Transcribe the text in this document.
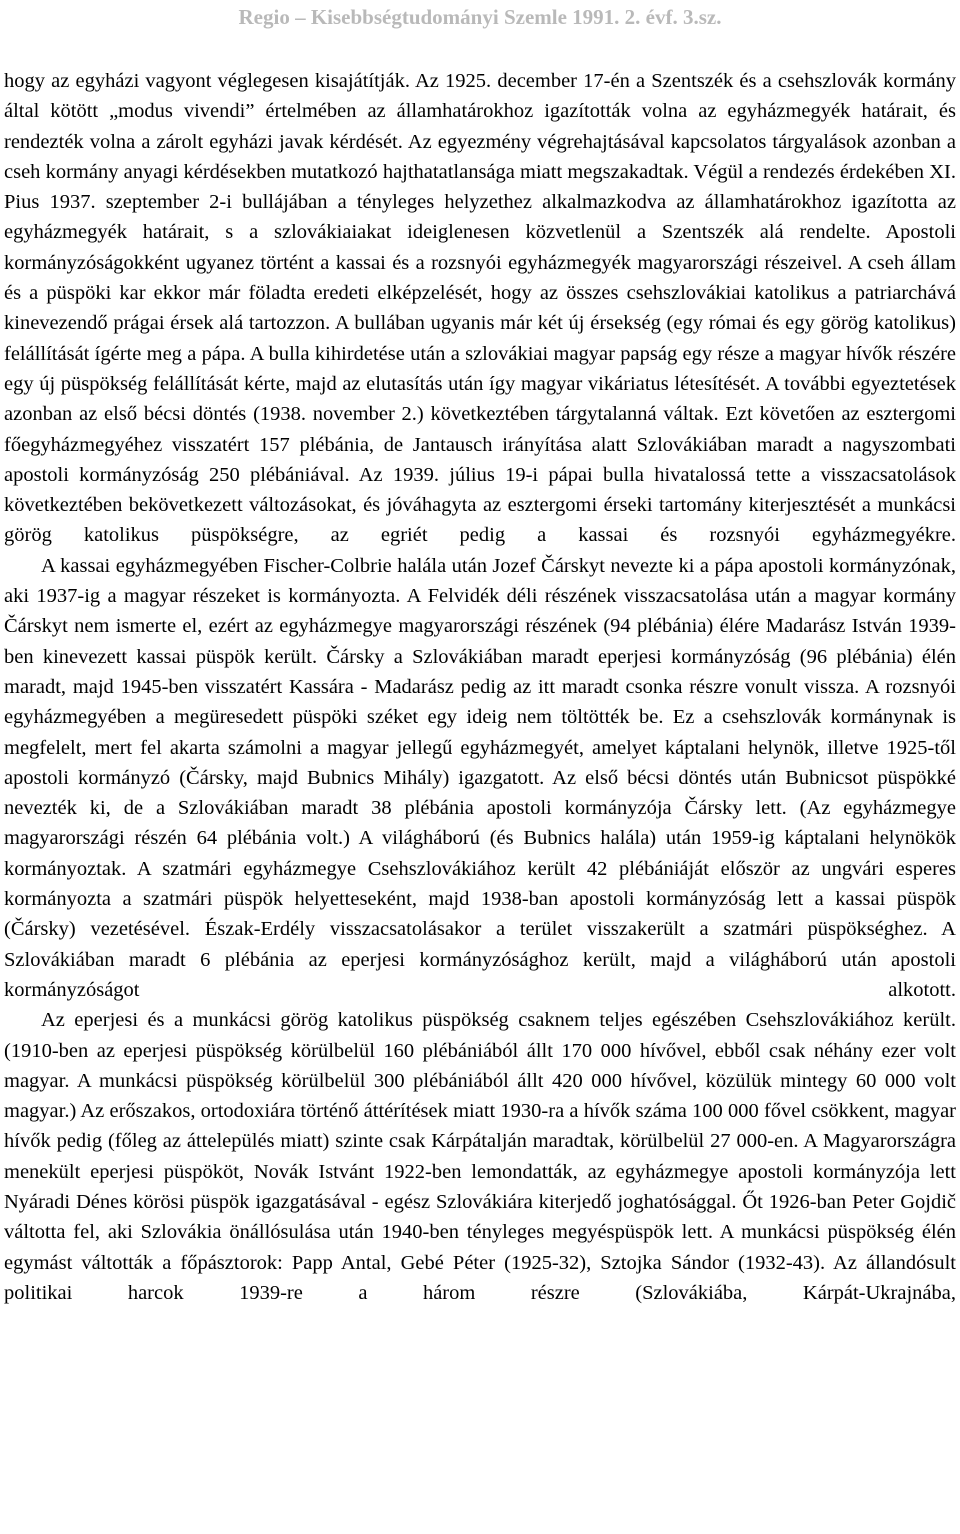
Regio – Kisebbségtudományi Szemle 1991. 2. évf. 3.sz.

hogy az egyházi vagyont véglegesen kisajátítják. Az 1925. december 17-én a Szentszék és a csehszlovák kormány által kötött „modus vivendi” értelmében az államhatárokhoz igazították volna az egyházmegyék határait, és rendezték volna a zárolt egyházi javak kérdését. Az egyezmény végrehajtásával kapcsolatos tárgyalások azonban a cseh kormány anyagi kérdésekben mutatkozó hajthatatlansága miatt megszakadtak. Végül a rendezés érdekében XI. Pius 1937. szeptember 2-i bullájában a tényleges helyzethez alkalmazkodva az államhatárokhoz igazította az egyházmegyék határait, s a szlovákiaiakat ideiglenesen közvetlenül a Szentszék alá rendelte. Apostoli kormányzóságokként ugyanez történt a kassai és a rozsnyói egyházmegyék magyarországi részeivel. A cseh állam és a püspöki kar ekkor már föladta eredeti elképzelését, hogy az összes csehszlovákiai katolikus a patriarchává kinevezendő prágai érsek alá tartozzon. A bullában ugyanis már két új érsekség (egy római és egy görög katolikus) felállítását ígérte meg a pápa. A bulla kihirdetése után a szlovákiai magyar papság egy része a magyar hívők részére egy új püspökség felállítását kérte, majd az elutasítás után így magyar vikáriatus létesítését. A további egyeztetések azonban az első bécsi döntés (1938. november 2.) következtében tárgytalanná váltak. Ezt követően az esztergomi főegyházmegyéhez visszatért 157 plébánia, de Jantausch irányítása alatt Szlovákiában maradt a nagyszombati apostoli kormányzóság 250 plébániával. Az 1939. július 19-i pápai bulla hivatalossá tette a visszacsatolások következtében bekövetkezett változásokat, és jóváhagyta az esztergomi érseki tartomány kiterjesztését a munkácsi görög katolikus püspökségre, az egriét pedig a kassai és rozsnyói egyházmegyékre.

A kassai egyházmegyében Fischer-Colbrie halála után Jozef Čárskyt nevezte ki a pápa apostoli kormányzónak, aki 1937-ig a magyar részeket is kormányozta. A Felvidék déli részének visszacsatolása után a magyar kormány Čárskyt nem ismerte el, ezért az egyházmegye magyarországi részének (94 plébánia) élére Madarász István 1939-ben kinevezett kassai püspök került. Čársky a Szlovákiában maradt eperjesi kormányzóság (96 plébánia) élén maradt, majd 1945-ben visszatért Kassára - Madarász pedig az itt maradt csonka részre vonult vissza. A rozsnyói egyházmegyében a megüresedett püspöki széket egy ideig nem töltötték be. Ez a csehszlovák kormánynak is megfelelt, mert fel akarta számolni a magyar jellegű egyházmegyét, amelyet káptalani helynök, illetve 1925-től apostoli kormányzó (Čársky, majd Bubnics Mihály) igazgatott. Az első bécsi döntés után Bubnicsot püspökké nevezték ki, de a Szlovákiában maradt 38 plébánia apostoli kormányzója Čársky lett. (Az egyházmegye magyarországi részén 64 plébánia volt.) A világháború (és Bubnics halála) után 1959-ig káptalani helynökök kormányoztak. A szatmári egyházmegye Csehszlovákiához került 42 plébániáját először az ungvári esperes kormányozta a szatmári püspök helyetteseként, majd 1938-ban apostoli kormányzóság lett a kassai püspök (Čársky) vezetésével. Észak-Erdély visszacsatolásakor a terület visszakerült a szatmári püspökséghez. A Szlovákiában maradt 6 plébánia az eperjesi kormányzósághoz került, majd a világháború után apostoli kormányzóságot alkotott.

Az eperjesi és a munkácsi görög katolikus püspökség csaknem teljes egészében Csehszlovákiához került. (1910-ben az eperjesi püspökség körülbelül 160 plébániából állt 170 000 hívővel, ebből csak néhány ezer volt magyar. A munkácsi püspökség körülbelül 300 plébániából állt 420 000 hívővel, közülük mintegy 60 000 volt magyar.) Az erőszakos, ortodoxiára történő áttérítések miatt 1930-ra a hívők száma 100 000 fővel csökkent, magyar hívők pedig (főleg az áttelepülés miatt) szinte csak Kárpátalján maradtak, körülbelül 27 000-en. A Magyarországra menekült eperjesi püspököt, Novák Istvánt 1922-ben lemondatták, az egyházmegye apostoli kormányzója lett Nyáradi Dénes körösi püspök igazgatásával - egész Szlovákiára kiterjedő joghatósággal. Őt 1926-ban Peter Gojdič váltotta fel, aki Szlovákia önállósulása után 1940-ben tényleges megyéspüspök lett. A munkácsi püspökség élén egymást váltották a főpásztorok: Papp Antal, Gebé Péter (1925-32), Sztojka Sándor (1932-43). Az állandósult politikai harcok 1939-re a három részre (Szlovákiába, Kárpát-Ukrajnába,
